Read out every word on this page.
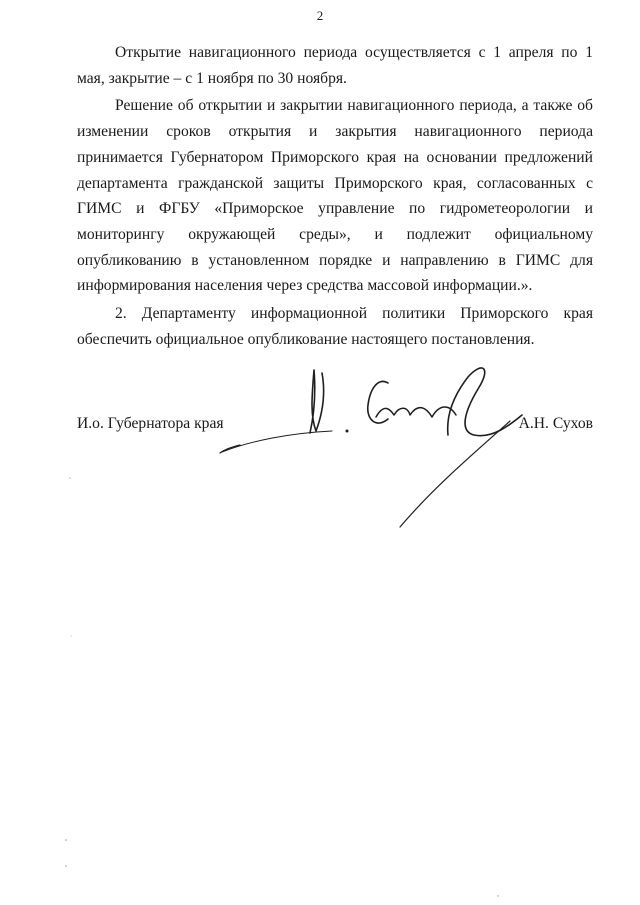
2

Открытие навигационного периода осуществляется с 1 апреля по 1 мая, закрытие – с 1 ноября по 30 ноября.

Решение об открытии и закрытии навигационного периода, а также об изменении сроков открытия и закрытия навигационного периода принимается Губернатором Приморского края на основании предложений департамента гражданской защиты Приморского края, согласованных с ГИМС и ФГБУ «Приморское управление по гидрометеорологии и мониторингу окружающей среды», и подлежит официальному опубликованию в установленном порядке и направлению в ГИМС для информирования населения через средства массовой информации.».

2. Департаменту информационной политики Приморского края обеспечить официальное опубликование настоящего постановления.

И.о. Губернатора края	А.Н. Сухов
